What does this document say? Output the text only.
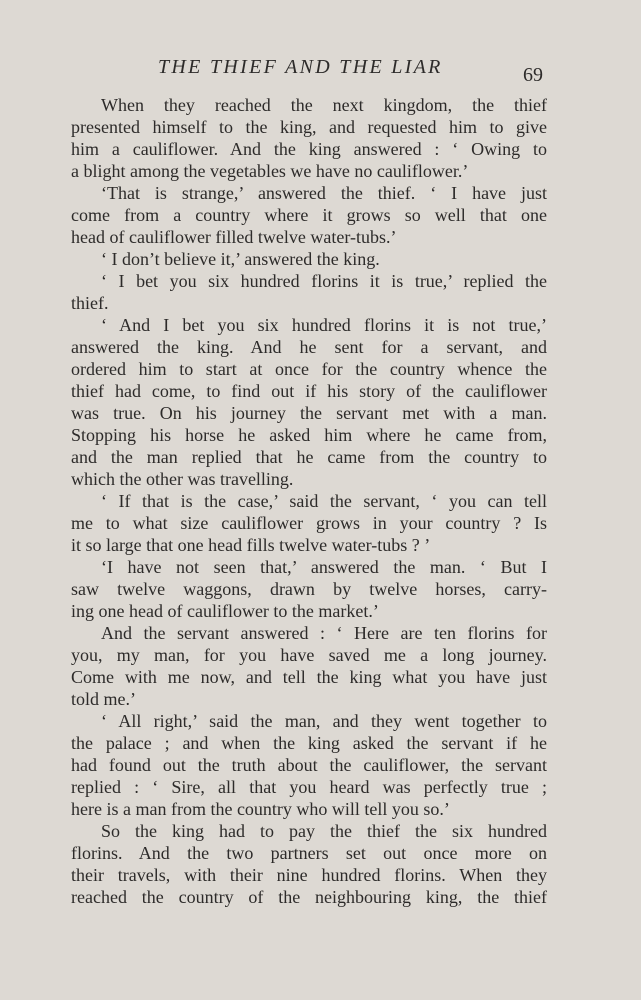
THE THIEF AND THE LIAR	69
When they reached the next kingdom, the thief
presented himself to the king, and requested him to give
him a cauliflower. And the king answered : ‘ Owing to
a blight among the vegetables we have no cauliflower.’
‘That is strange,’ answered the thief. ‘ I have just
come from a country where it grows so well that one
head of cauliflower filled twelve water-tubs.’
‘ I don’t believe it,’ answered the king.
‘ I bet you six hundred florins it is true,’ replied the
thief.
‘ And I bet you six hundred florins it is not true,’
answered the king. And he sent for a servant, and
ordered him to start at once for the country whence the
thief had come, to find out if his story of the cauliflower
was true. On his journey the servant met with a man.
Stopping his horse he asked him where he came from,
and the man replied that he came from the country to
which the other was travelling.
‘ If that is the case,’ said the servant, ‘ you can tell
me to what size cauliflower grows in your country ? Is
it so large that one head fills twelve water-tubs ? ’
‘I have not seen that,’ answered the man. ‘ But I
saw twelve waggons, drawn by twelve horses, carry-
ing one head of cauliflower to the market.’
And the servant answered : ‘ Here are ten florins for
you, my man, for you have saved me a long journey.
Come with me now, and tell the king what you have just
told me.’
‘ All right,’ said the man, and they went together to
the palace ; and when the king asked the servant if he
had found out the truth about the cauliflower, the servant
replied : ‘ Sire, all that you heard was perfectly true ;
here is a man from the country who will tell you so.’
So the king had to pay the thief the six hundred
florins. And the two partners set out once more on
their travels, with their nine hundred florins. When they
reached the country of the neighbouring king, the thief
